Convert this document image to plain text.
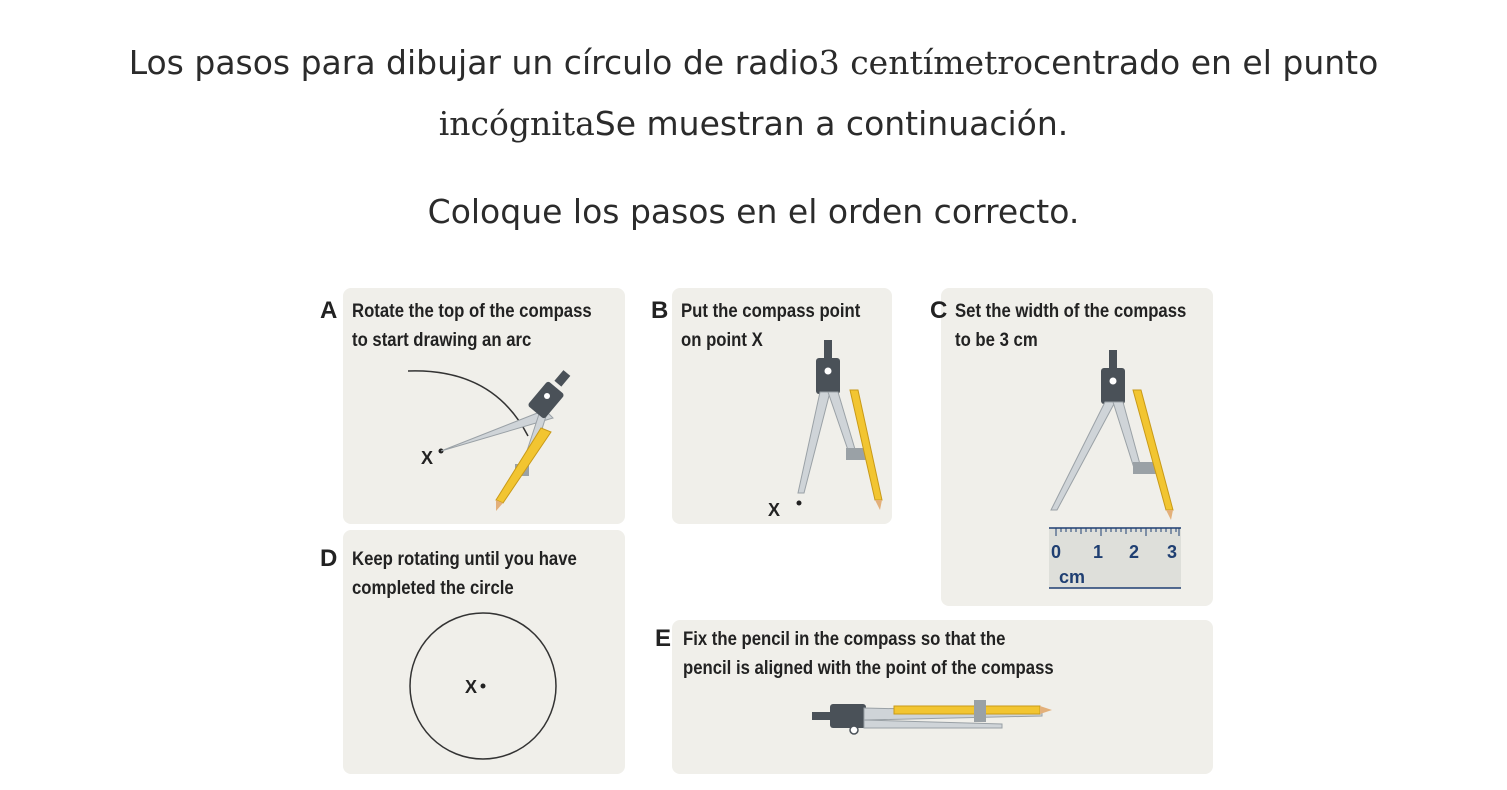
Los pasos para dibujar un círculo de radio3 centímetrocentrado en el punto
incógnitaSe muestran a continuación.
Coloque los pasos en el orden correcto.
A Rotate the top of the compass
to start drawing an arc
X
B Put the compass point
on point X
X
C Set the width of the compass
to be 3 cm
0 1 2 3
cm
D Keep rotating until you have
completed the circle
X
E Fix the pencil in the compass so that the
pencil is aligned with the point of the compass
